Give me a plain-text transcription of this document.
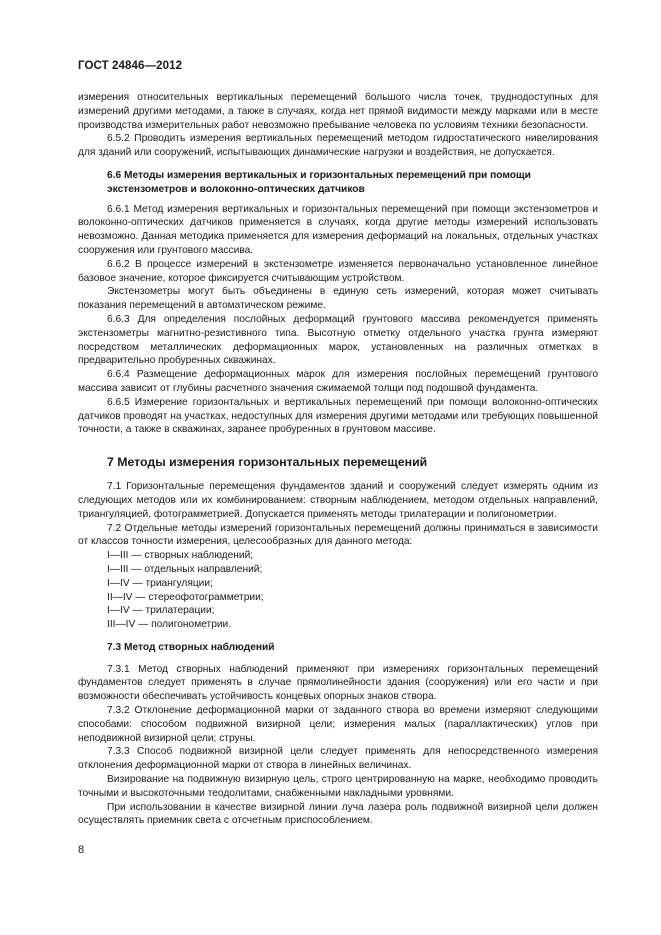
ГОСТ 24846—2012

измерения относительных вертикальных перемещений большого числа точек, труднодоступных для измерений другими методами, а также в случаях, когда нет прямой видимости между марками или в месте производства измерительных работ невозможно пребывание человека по условиям техники безопасности.

6.5.2 Проводить измерения вертикальных перемещений методом гидростатического нивелирования для зданий или сооружений, испытывающих динамические нагрузки и воздействия, не допускается.

6.6 Методы измерения вертикальных и горизонтальных перемещений при помощи экстензометров и волоконно-оптических датчиков

6.6.1 Метод измерения вертикальных и горизонтальных перемещений при помощи экстензометров и волоконно-оптических датчиков применяется в случаях, когда другие методы измерений использовать невозможно. Данная методика применяется для измерения деформаций на локальных, отдельных участках сооружения или грунтового массива.

6.6.2 В процессе измерений в экстензометре изменяется первоначально установленное линейное базовое значение, которое фиксируется считывающим устройством.

Экстензометры могут быть объединены в единую сеть измерений, которая может считывать показания перемещений в автоматическом режиме.

6.6.3 Для определения послойных деформаций грунтового массива рекомендуется применять экстензометры магнитно-резистивного типа. Высотную отметку отдельного участка грунта измеряют посредством металлических деформационных марок, установленных на различных отметках в предварительно пробуренных скважинах.

6.6.4 Размещение деформационных марок для измерения послойных перемещений грунтового массива зависит от глубины расчетного значения сжимаемой толщи под подошвой фундамента.

6.6.5 Измерение горизонтальных и вертикальных перемещений при помощи волоконно-оптических датчиков проводят на участках, недоступных для измерения другими методами или требующих повышенной точности, а также в скважинах, заранее пробуренных в грунтовом массиве.

7 Методы измерения горизонтальных перемещений

7.1 Горизонтальные перемещения фундаментов зданий и сооружений следует измерять одним из следующих методов или их комбинированием: створным наблюдением, методом отдельных направлений, триангуляцией, фотограмметрией. Допускается применять методы трилатерации и полигонометрии.

7.2 Отдельные методы измерений горизонтальных перемещений должны приниматься в зависимости от классов точности измерения, целесообразных для данного метода:

I—III — створных наблюдений;

I—III — отдельных направлений;

I—IV — триангуляции;

II—IV — стереофотограмметрии;

I—IV — трилатерации;

III—IV — полигонометрии.

7.3 Метод створных наблюдений

7.3.1 Метод створных наблюдений применяют при измерениях горизонтальных перемещений фундаментов следует применять в случае прямолинейности здания (сооружения) или его части и при возможности обеспечивать устойчивость концевых опорных знаков створа.

7.3.2 Отклонение деформационной марки от заданного створа во времени измеряют следующими способами: способом подвижной визирной цели; измерения малых (параллактических) углов при неподвижной визирной цели; струны.

7.3.3 Способ подвижной визирной цели следует применять для непосредственного измерения отклонения деформационной марки от створа в линейных величинах.

Визирование на подвижную визирную цель, строго центрированную на марке, необходимо проводить точными и высокоточными теодолитами, снабженными накладными уровнями.

При использовании в качестве визирной линии луча лазера роль подвижной визирной цели должен осуществлять приемник света с отсчетным приспособлением.

8
